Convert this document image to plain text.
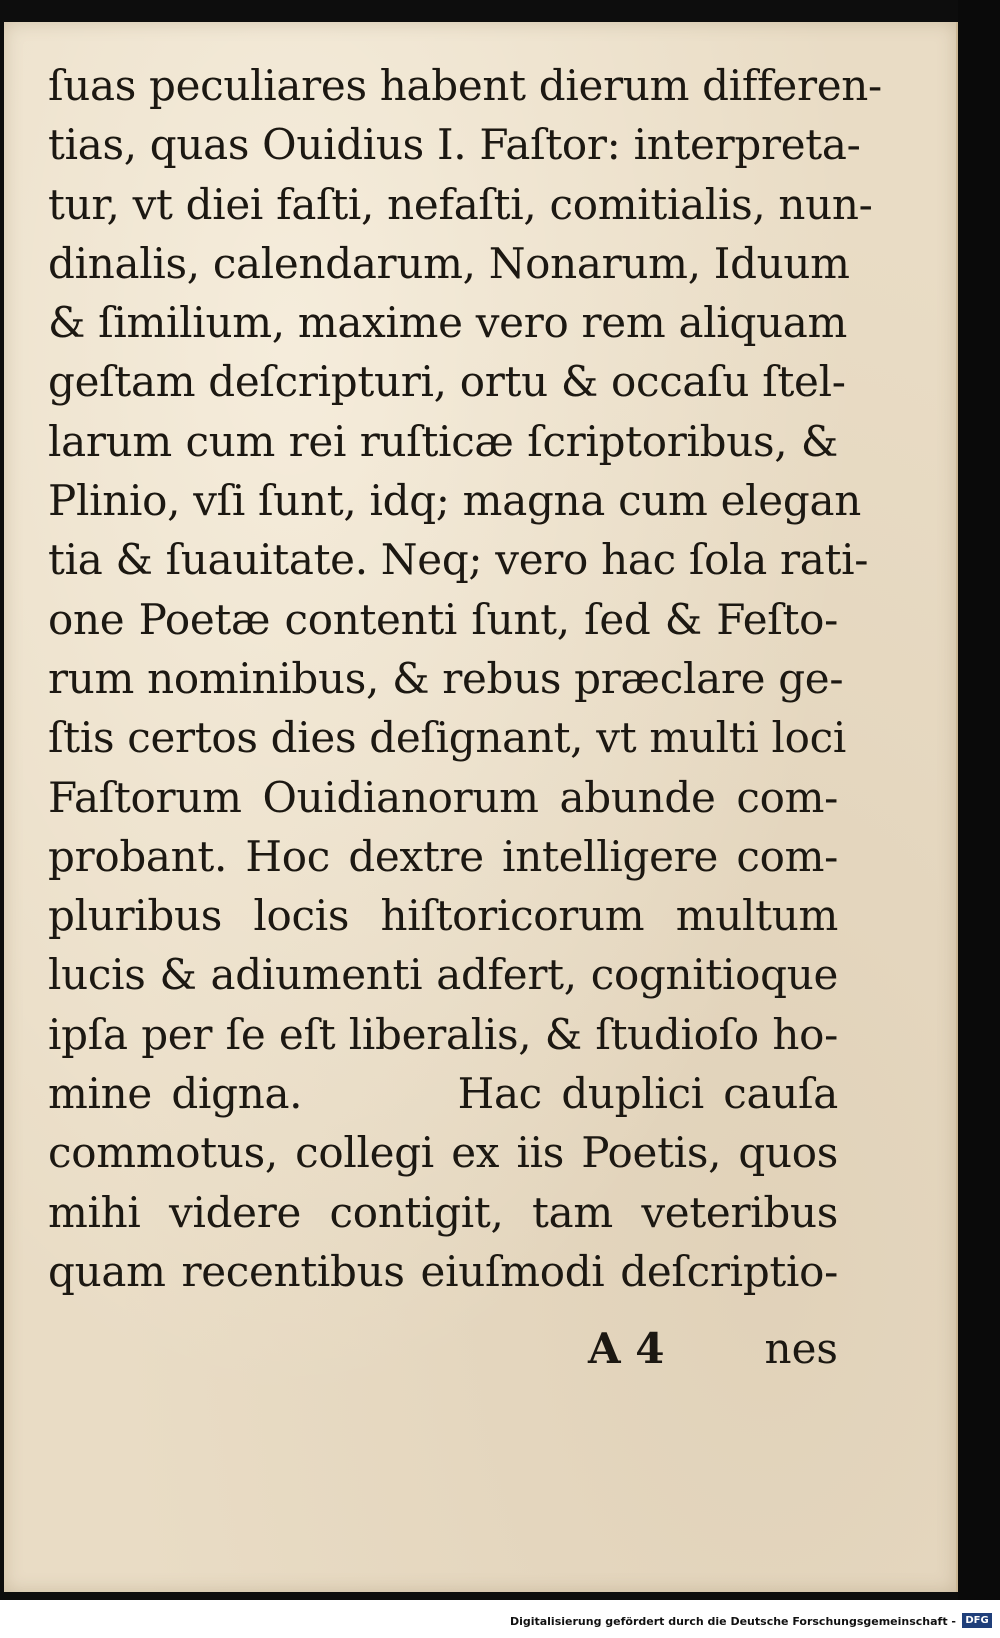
ſuas peculiares habent dierum differen-
tias, quas Ouidius I. Faſtor: interpreta-
tur, vt diei faſti, nefaſti, comitialis, nun-
dinalis, calendarum, Nonarum, Iduum
& ſimilium, maxime vero rem aliquam
geſtam deſcripturi, ortu & occaſu ſtel-
larum cum rei ruſticæ ſcriptoribus, &
Plinio, vſi ſunt, idq; magna cum elegan
tia & ſuauitate. Neq; vero hac ſola rati-
one Poetæ contenti ſunt, ſed & Feſto-
rum nominibus, & rebus præclare ge-
ſtis certos dies deſignant, vt multi loci
Faſtorum Ouidianorum abunde com-
probant. Hoc dextre intelligere com-
pluribus locis hiſtoricorum multum
lucis & adiumenti adfert, cognitioque
ipſa per ſe eſt liberalis, & ſtudioſo ho-
mine digna.        Hac duplici cauſa
commotus, collegi ex iis Poetis, quos
mihi videre contigit, tam veteribus
quam recentibus eiuſmodi deſcriptio-
A 4 nes
Digitalisierung gefördert durch die Deutsche Forschungsgemeinschaft - DFG
